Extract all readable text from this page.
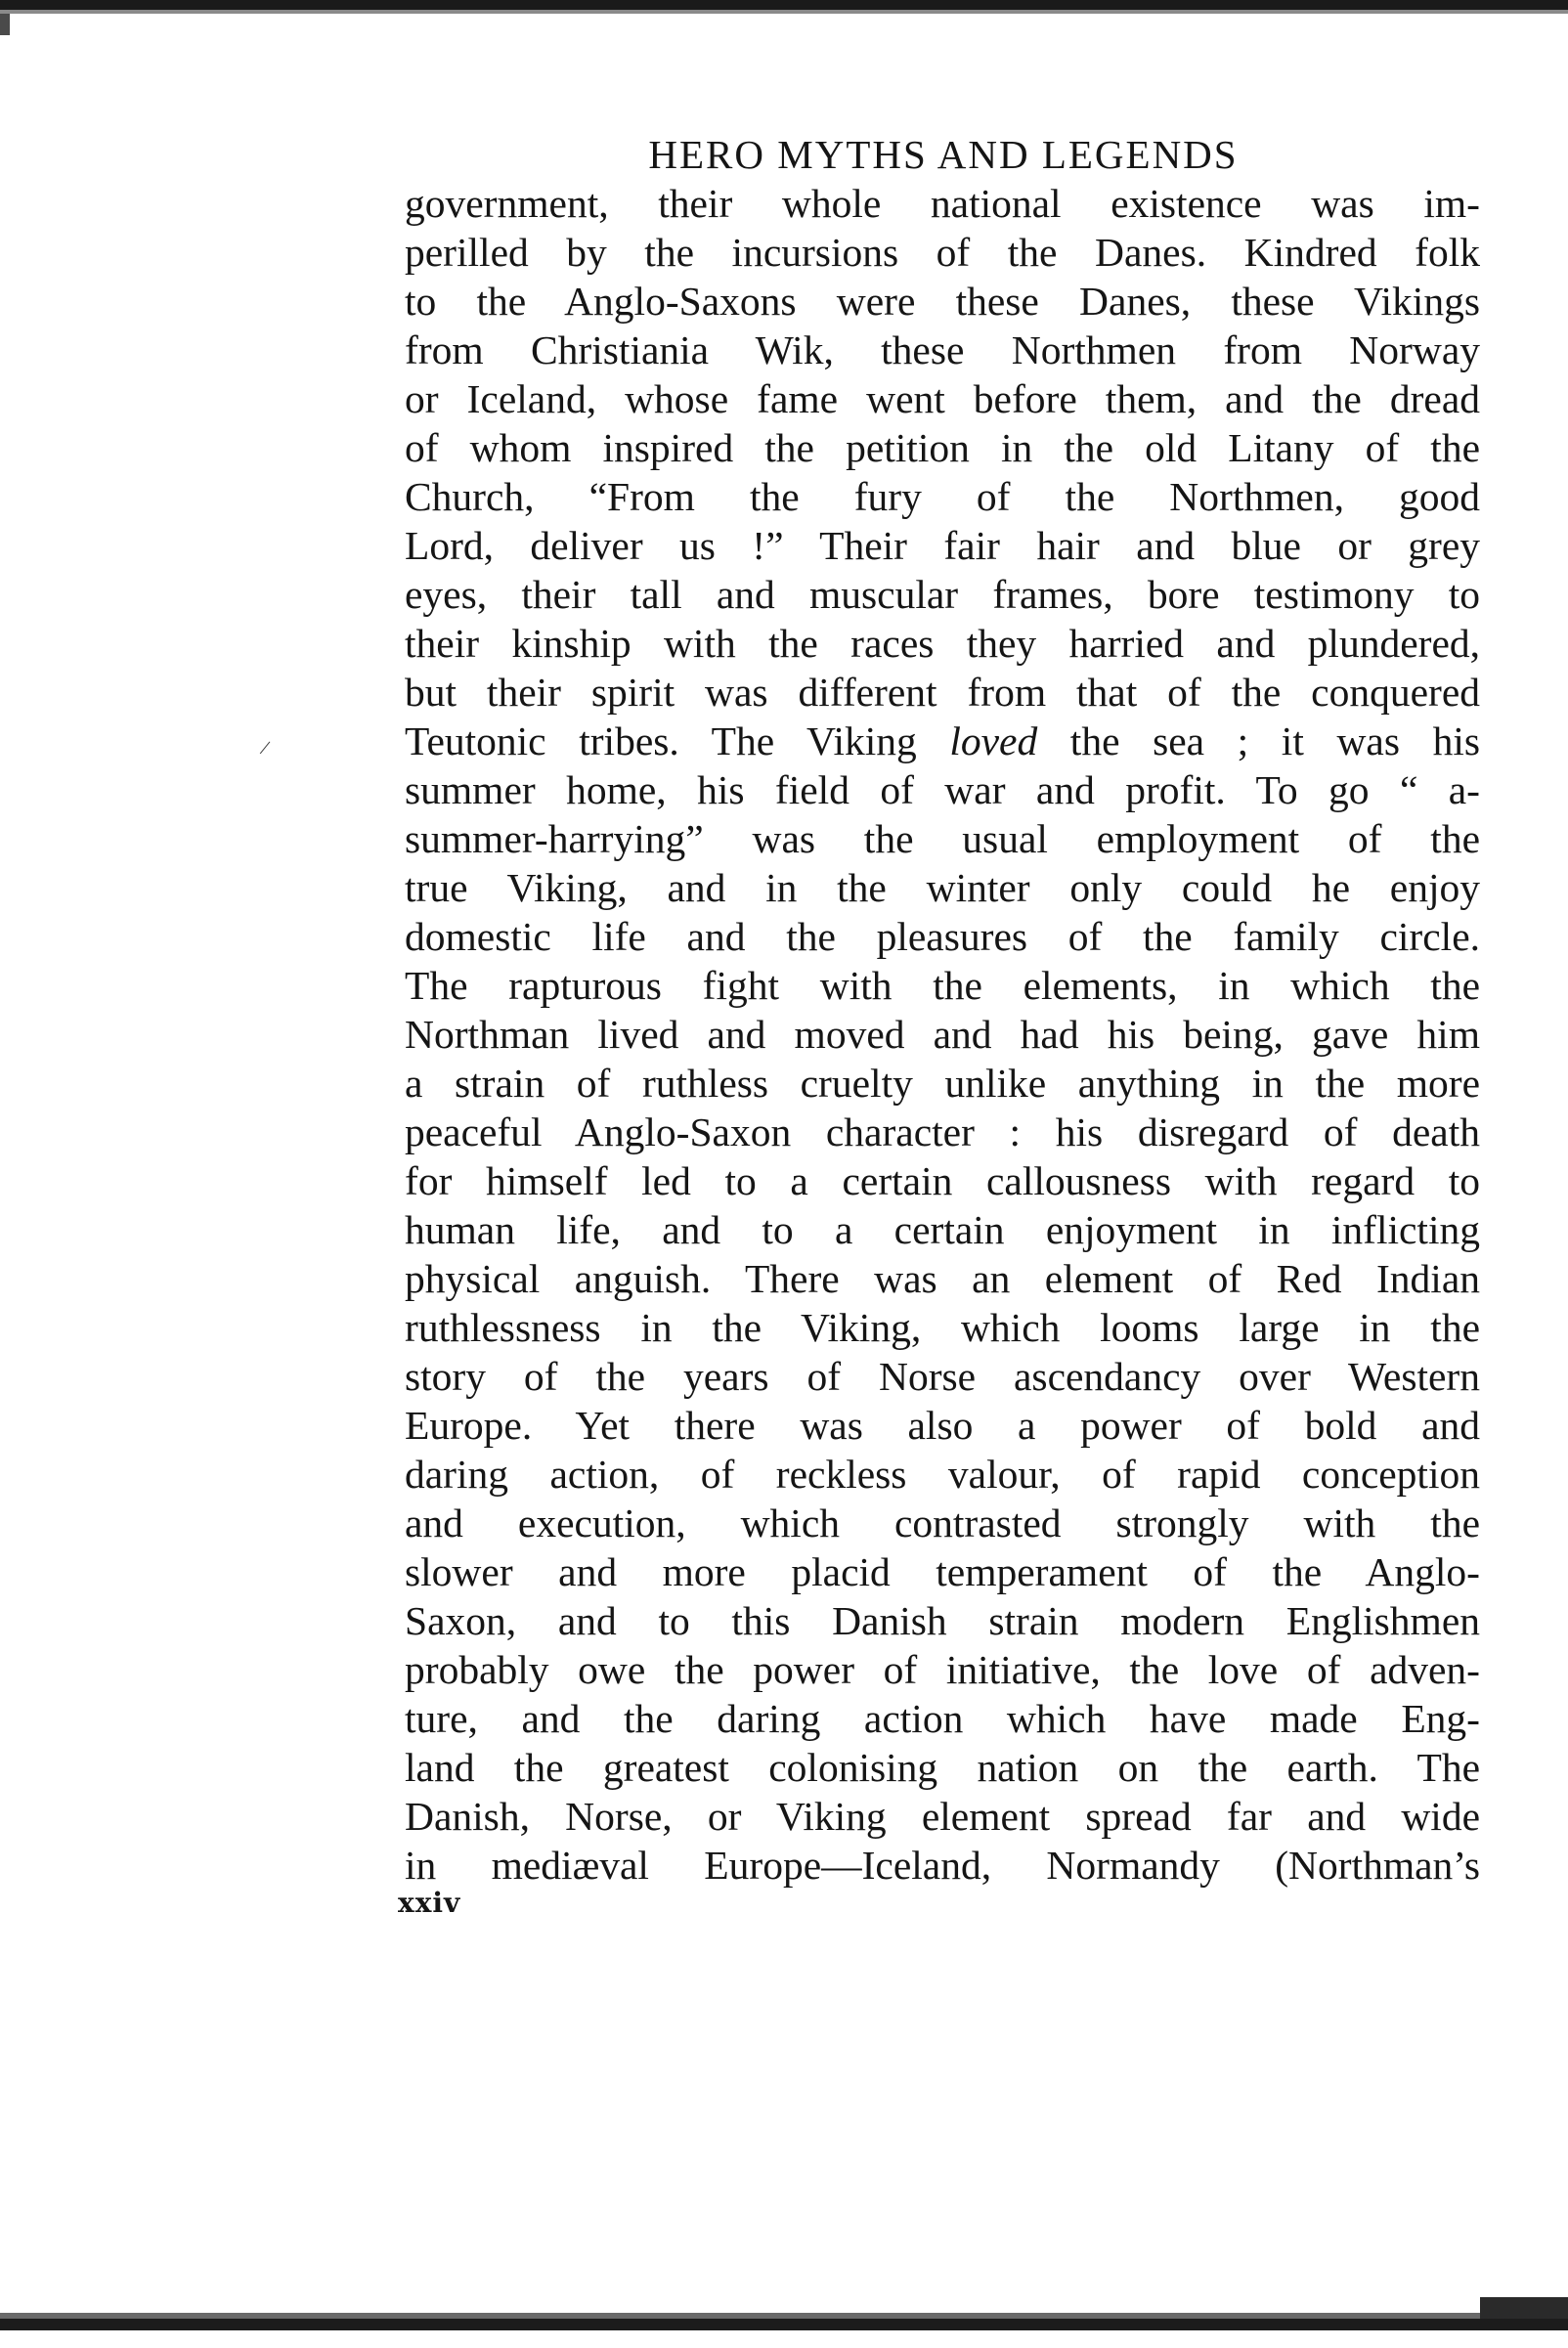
HERO MYTHS AND LEGENDS
/
government, their whole national existence was im-
perilled by the incursions of the Danes. Kindred folk
to the Anglo-Saxons were these Danes, these Vikings
from Christiania Wik, these Northmen from Norway
or Iceland, whose fame went before them, and the dread
of whom inspired the petition in the old Litany of the
Church, “From the fury of the Northmen, good
Lord, deliver us !” Their fair hair and blue or grey
eyes, their tall and muscular frames, bore testimony to
their kinship with the races they harried and plundered,
but their spirit was different from that of the conquered
Teutonic tribes. The Viking loved the sea ; it was his
summer home, his field of war and profit. To go “ a-
summer-harrying” was the usual employment of the
true Viking, and in the winter only could he enjoy
domestic life and the pleasures of the family circle.
The rapturous fight with the elements, in which the
Northman lived and moved and had his being, gave him
a strain of ruthless cruelty unlike anything in the more
peaceful Anglo-Saxon character : his disregard of death
for himself led to a certain callousness with regard to
human life, and to a certain enjoyment in inflicting
physical anguish. There was an element of Red Indian
ruthlessness in the Viking, which looms large in the
story of the years of Norse ascendancy over Western
Europe. Yet there was also a power of bold and
daring action, of reckless valour, of rapid conception
and execution, which contrasted strongly with the
slower and more placid temperament of the Anglo-
Saxon, and to this Danish strain modern Englishmen
probably owe the power of initiative, the love of adven-
ture, and the daring action which have made Eng-
land the greatest colonising nation on the earth. The
Danish, Norse, or Viking element spread far and wide
in mediæval Europe—Iceland, Normandy (Northman’s
xxiv
